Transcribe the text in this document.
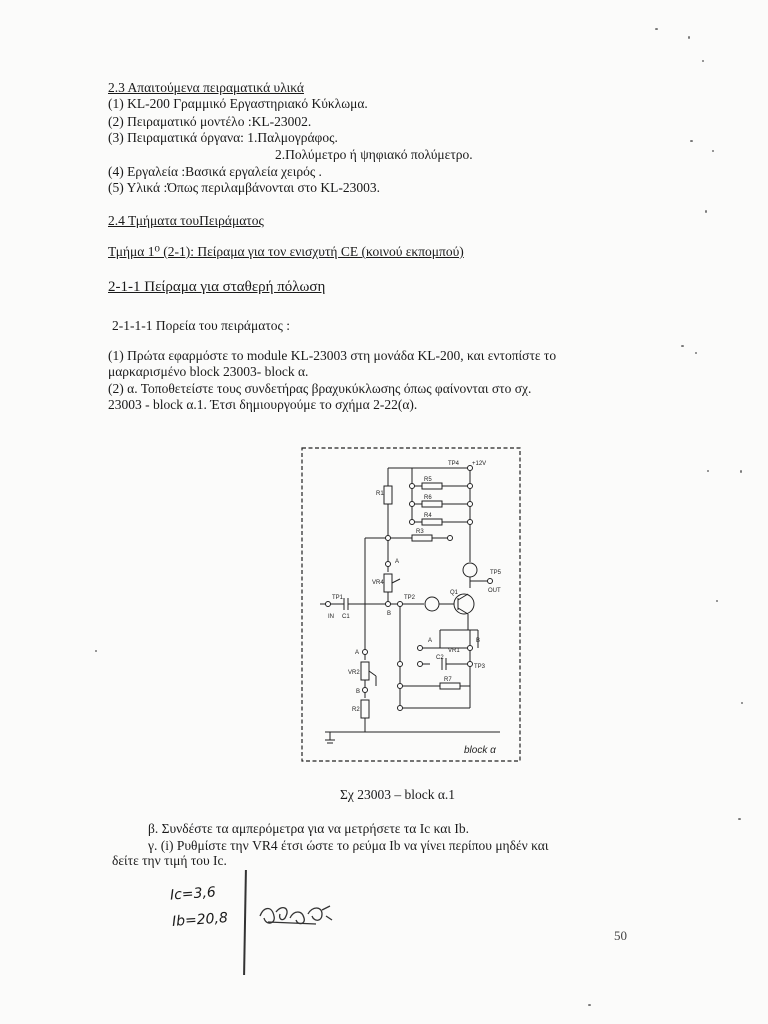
2.3 Απαιτούμενα πειραματικά υλικά
(1) KL-200 Γραμμικό Εργαστηριακό Κύκλωμα.
(2) Πειραματικό μοντέλο :KL-23002.
(3) Πειραματικά όργανα: 1.Παλμογράφος.
2.Πολύμετρο ή ψηφιακό πολύμετρο.
(4) Εργαλεία :Βασικά εργαλεία χειρός .
(5) Υλικά :Όπως περιλαμβάνονται στο KL-23003.
2.4 Τμήματα τουΠειράματος
Τμήμα 1⁰ (2-1): Πείραμα για τον ενισχυτή CE (κοινού εκπομπού)
2-1-1 Πείραμα για σταθερή πόλωση
2-1-1-1 Πορεία του πειράματος :
(1) Πρώτα εφαρμόστε το module KL-23003 στη μονάδα KL-200, και εντοπίστε το
μαρκαρισμένο block 23003- block α.
(2) α. Τοποθετείστε τους συνδετήρας βραχυκύκλωσης όπως φαίνονται στο σχ.
23003 - block α.1. Έτσι δημιουργούμε το σχήμα 2-22(α).
TP4 +12V
R1
R5
R6
R4
R3
A
VR4
B
TP5
OUT
TP1
IN C1
TP2
Q1
A	B
VR1
C2
TP3
A
VR2
B
R2
R7
block α
Σχ 23003 – block α.1
β. Συνδέστε τα αμπερόμετρα για να μετρήσετε τα Ic και Ib.
γ. (i) Ρυθμίστε την VR4 έτσι ώστε το ρεύμα Ib να γίνει περίπου μηδέν και
δείτε την τιμή του Ic.
Ic=3,6
Ib=20,8
50
